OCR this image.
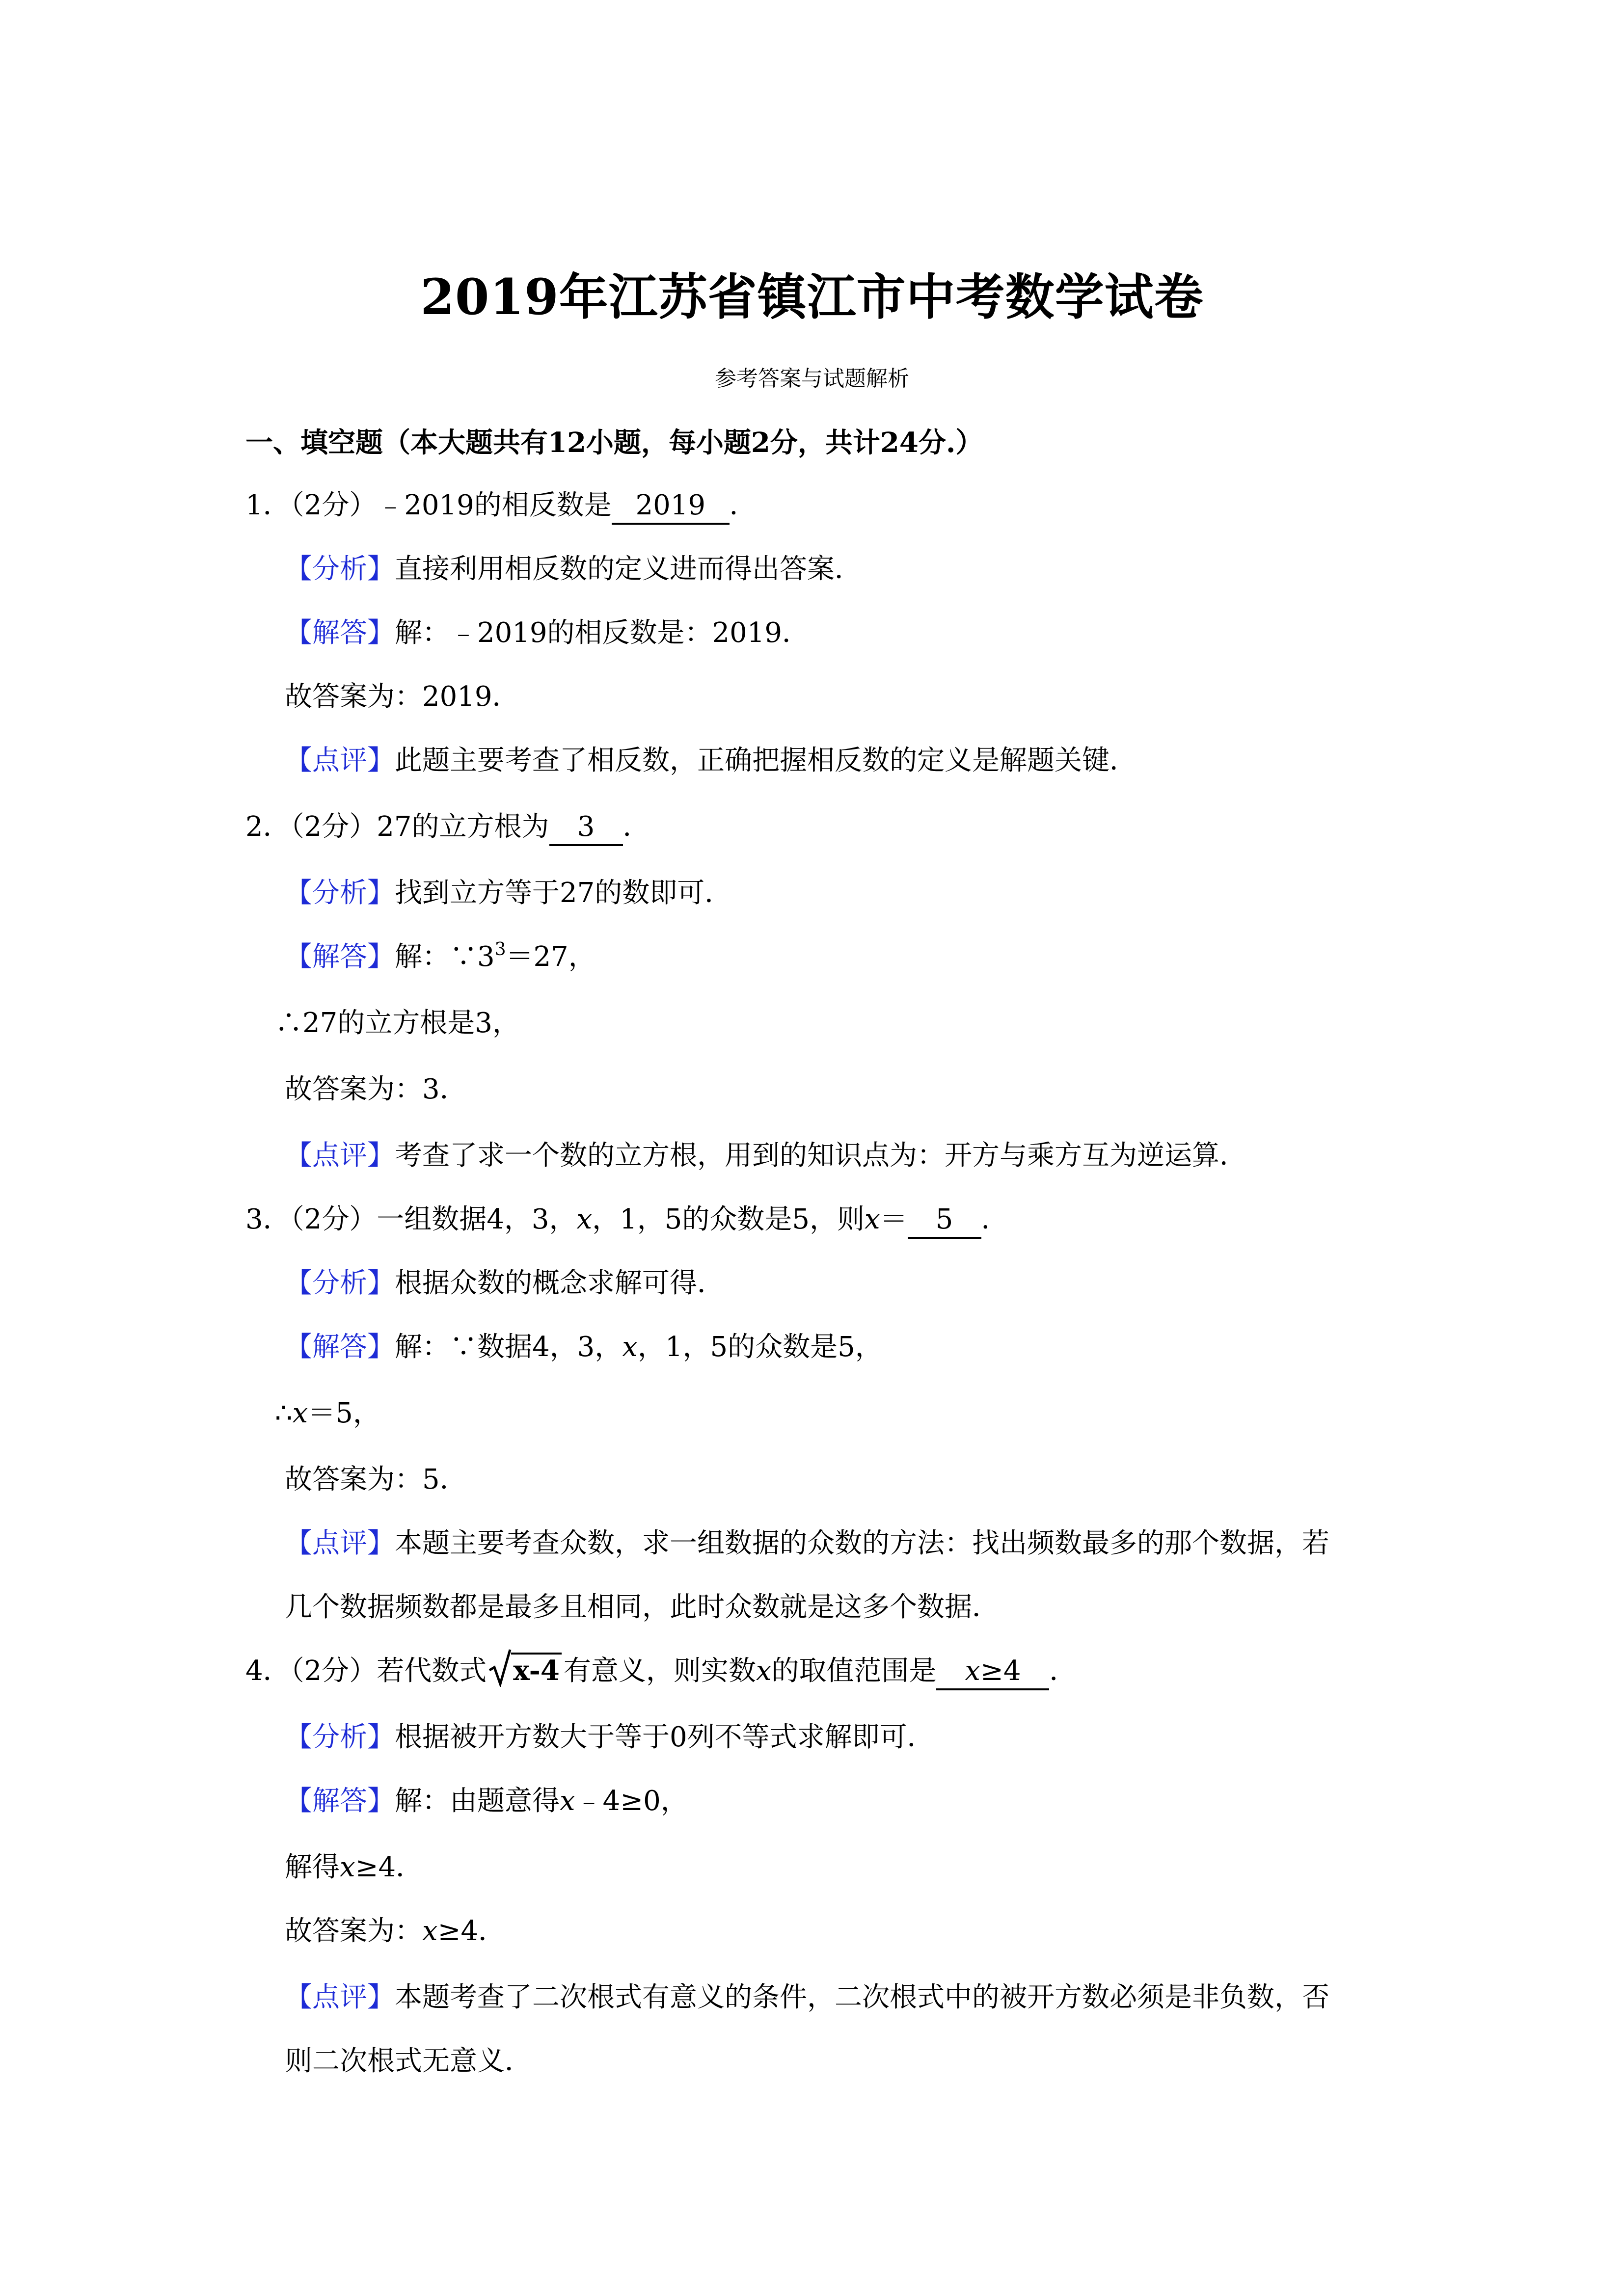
2019年江苏省镇江市中考数学试卷
参考答案与试题解析
一、填空题（本大题共有12小题，每小题2分，共计24分.）
1．（2分）﹣2019的相反数是 2019 ．
【分析】直接利用相反数的定义进而得出答案．
【解答】解：﹣2019的相反数是：2019．
故答案为：2019．
【点评】此题主要考查了相反数，正确把握相反数的定义是解题关键．
2．（2分）27的立方根为 3 ．
【分析】找到立方等于27的数即可．
【解答】解：$\because 3^3=27$，
∴27的立方根是3，
故答案为：3．
【点评】考查了求一个数的立方根，用到的知识点为：开方与乘方互为逆运算．
3．（2分）一组数据4，3，x，1，5的众数是5，则x＝ 5 ．
【分析】根据众数的概念求解可得．
【解答】解：∵数据4，3，x，1，5的众数是5，
∴x＝5，
故答案为：5．
【点评】本题主要考查众数，求一组数据的众数的方法：找出频数最多的那个数据，若
几个数据频数都是最多且相同，此时众数就是这多个数据．
4．（2分）若代数式 x-4 有意义，则实数x的取值范围是 x≥4 ．
【分析】根据被开方数大于等于0列不等式求解即可．
【解答】解：由题意得x﹣4≥0，
解得x≥4．
故答案为：x≥4．
【点评】本题考查了二次根式有意义的条件，二次根式中的被开方数必须是非负数，否
则二次根式无意义．
